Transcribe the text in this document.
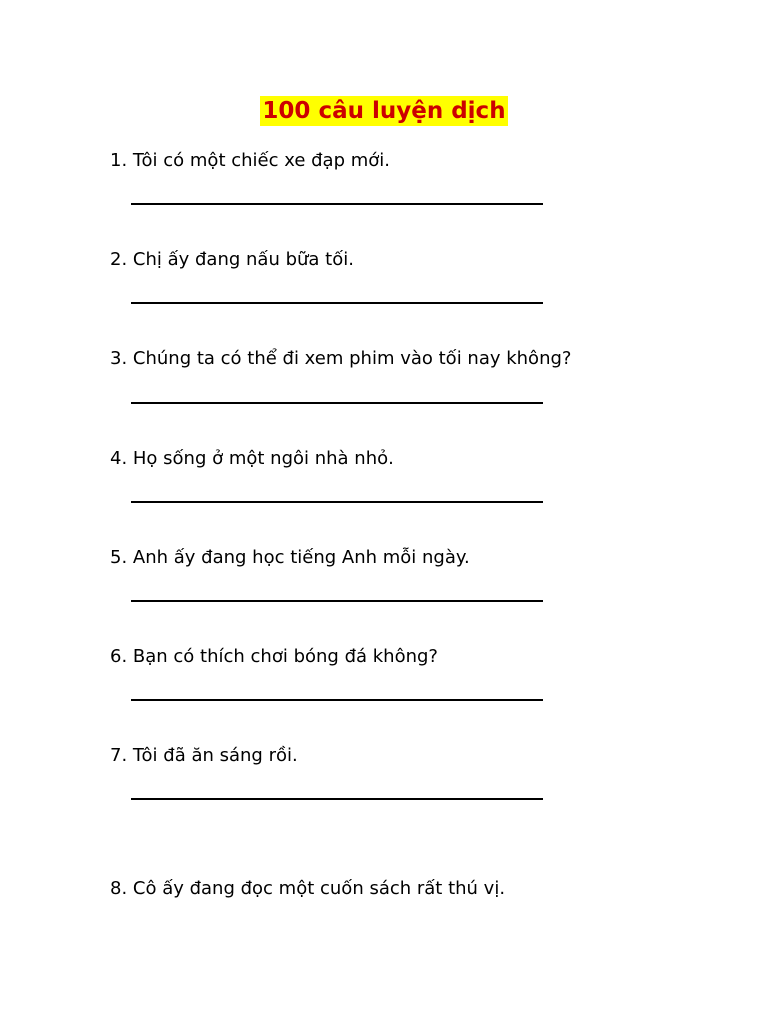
100 câu luyện dịch
1. Tôi có một chiếc xe đạp mới.
2. Chị ấy đang nấu bữa tối.
3. Chúng ta có thể đi xem phim vào tối nay không?
4. Họ sống ở một ngôi nhà nhỏ.
5. Anh ấy đang học tiếng Anh mỗi ngày.
6. Bạn có thích chơi bóng đá không?
7. Tôi đã ăn sáng rồi.
8. Cô ấy đang đọc một cuốn sách rất thú vị.
